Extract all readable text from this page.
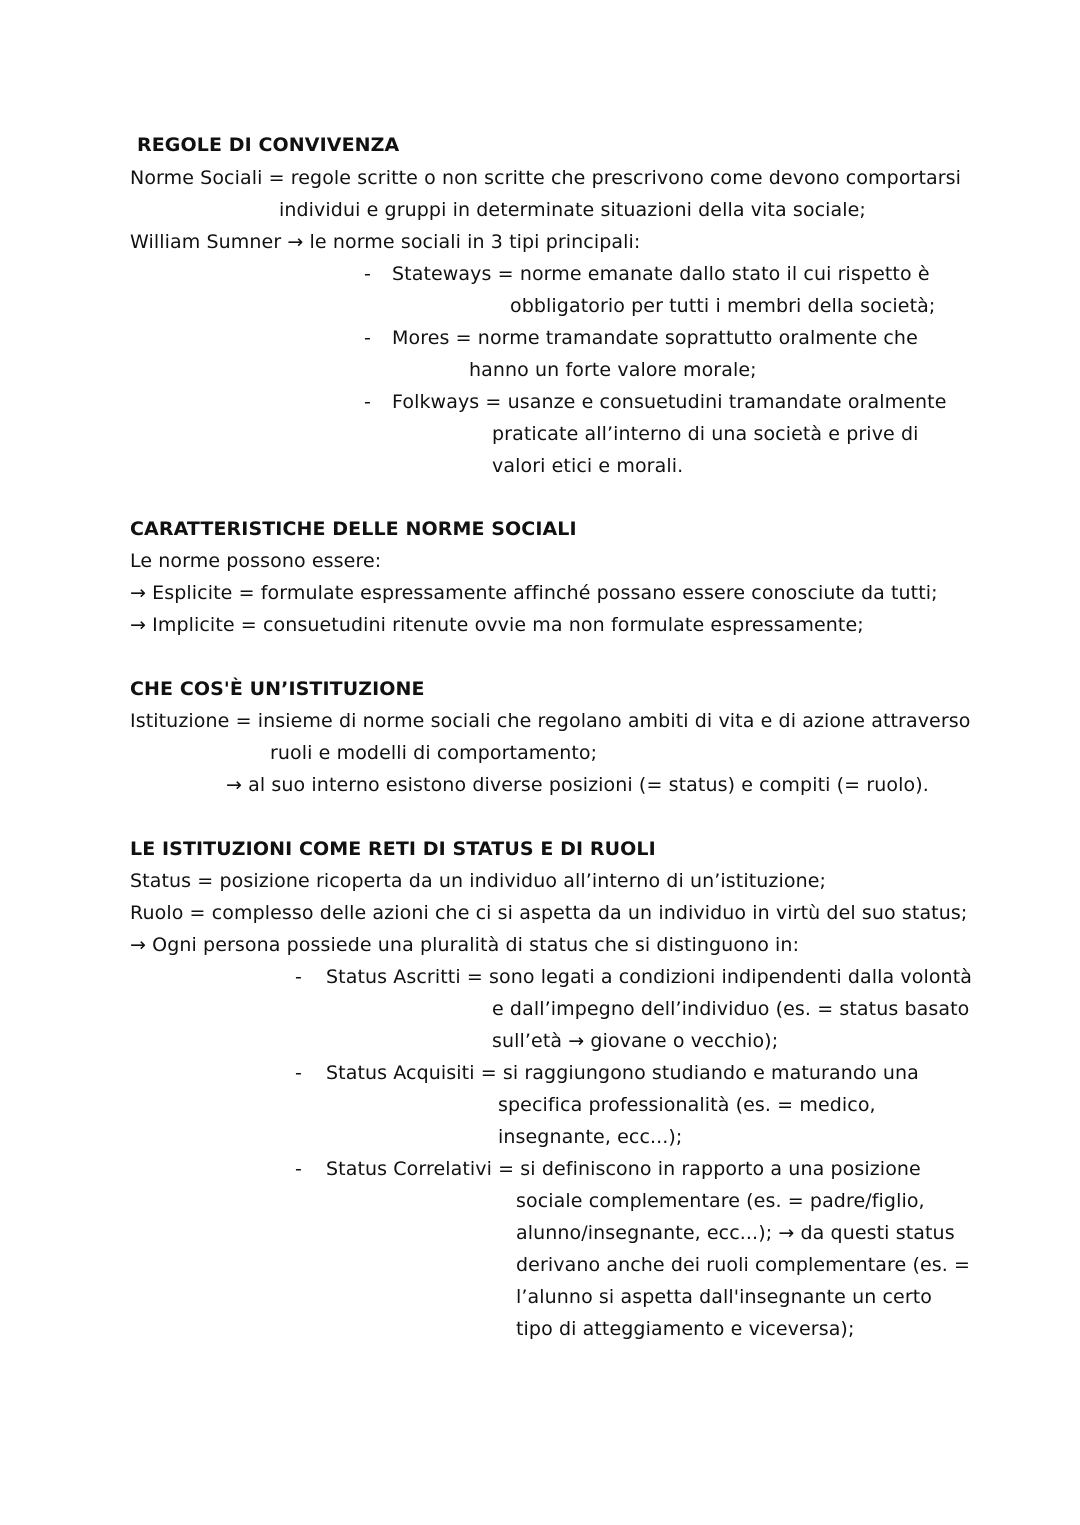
REGOLE DI CONVIVENZA
Norme Sociali = regole scritte o non scritte che prescrivono come devono comportarsi
individui e gruppi in determinate situazioni della vita sociale;
William Sumner → le norme sociali in 3 tipi principali:
- Stateways = norme emanate dallo stato il cui rispetto è
obbligatorio per tutti i membri della società;
- Mores = norme tramandate soprattutto oralmente che
hanno un forte valore morale;
- Folkways = usanze e consuetudini tramandate oralmente
praticate all’interno di una società e prive di
valori etici e morali.
CARATTERISTICHE DELLE NORME SOCIALI
Le norme possono essere:
→ Esplicite = formulate espressamente affinché possano essere conosciute da tutti;
→ Implicite = consuetudini ritenute ovvie ma non formulate espressamente;
CHE COS'È UN’ISTITUZIONE
Istituzione = insieme di norme sociali che regolano ambiti di vita e di azione attraverso
ruoli e modelli di comportamento;
→ al suo interno esistono diverse posizioni (= status) e compiti (= ruolo).
LE ISTITUZIONI COME RETI DI STATUS E DI RUOLI
Status = posizione ricoperta da un individuo all’interno di un’istituzione;
Ruolo = complesso delle azioni che ci si aspetta da un individuo in virtù del suo status;
→ Ogni persona possiede una pluralità di status che si distinguono in:
- Status Ascritti = sono legati a condizioni indipendenti dalla volontà
e dall’impegno dell’individuo (es. = status basato
sull’età → giovane o vecchio);
- Status Acquisiti = si raggiungono studiando e maturando una
specifica professionalità (es. = medico,
insegnante, ecc...);
- Status Correlativi = si definiscono in rapporto a una posizione
sociale complementare (es. = padre/figlio,
alunno/insegnante, ecc...); → da questi status
derivano anche dei ruoli complementare (es. =
l’alunno si aspetta dall'insegnante un certo
tipo di atteggiamento e viceversa);
